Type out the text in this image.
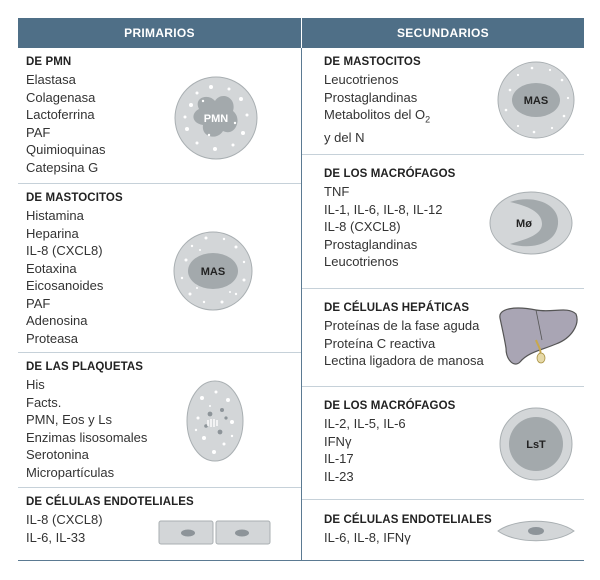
PRIMARIOS	SECUNDARIOS
DE PMN
Elastasa
Colagenasa
Lactoferrina
PAF
Quimioquinas
Catepsina G
PMN
DE MASTOCITOS
Histamina
Heparina
IL-8 (CXCL8)
Eotaxina
Eicosanoides
PAF
Adenosina
Proteasa
MAS
DE LAS PLAQUETAS
His
Facts.
PMN, Eos y Ls
Enzimas lisosomales
Serotonina
Micropartículas
DE CÉLULAS ENDOTELIALES
IL-8 (CXCL8)
IL-6, IL-33
DE MASTOCITOS
Leucotrienos
Prostaglandinas
Metabolitos del $O_2$
y del N
MAS
DE LOS MACRÓFAGOS
TNF
IL-1, IL-6, IL-8, IL-12
IL-8 (CXCL8)
Prostaglandinas
Leucotrienos
Mø
DE CÉLULAS HEPÁTICAS
Proteínas de la fase aguda
Proteína C reactiva
Lectina ligadora de manosa
DE LOS MACRÓFAGOS
IL-2, IL-5, IL-6
IFNγ
IL-17
IL-23
LsT
DE CÉLULAS ENDOTELIALES
IL-6, IL-8, IFNγ
